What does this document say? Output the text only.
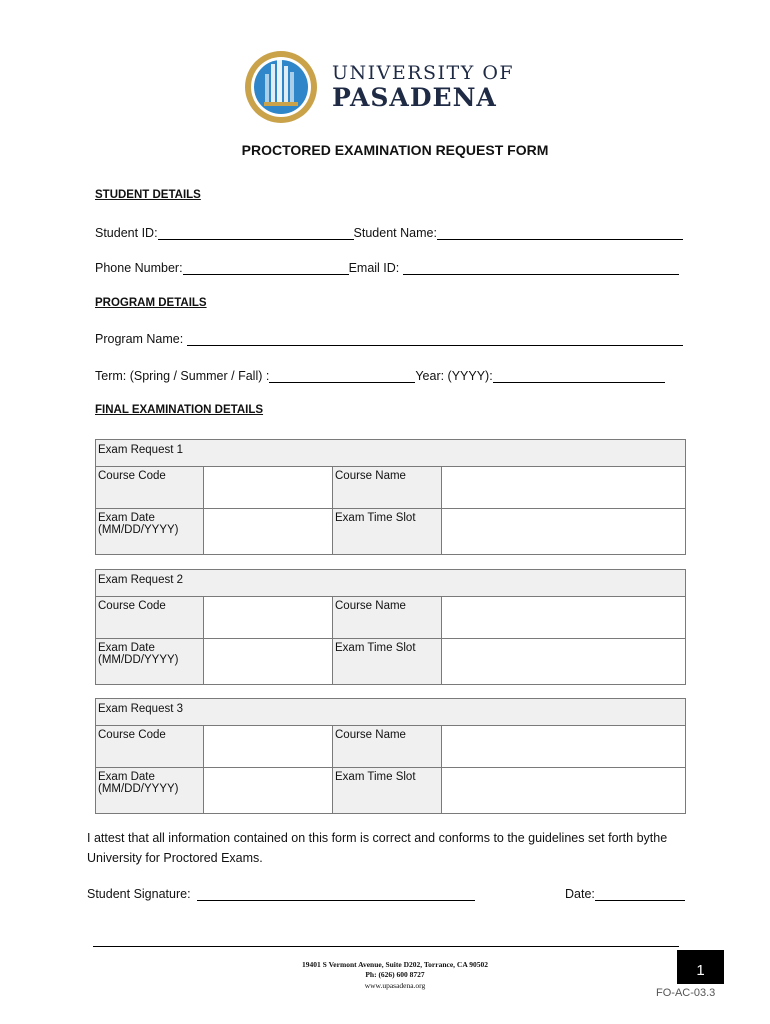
UNIVERSITY OF
PASADENA
PROCTORED EXAMINATION REQUEST FORM
STUDENT DETAILS
Student ID:	Student Name:
Phone Number:	Email ID:
PROGRAM DETAILS
Program Name:
Term: (Spring / Summer / Fall) :	Year: (YYYY):
FINAL EXAMINATION DETAILS
Exam Request 1			
Course Code		Course Name	
Exam Date (MM/DD/YYYY)		Exam Time Slot	
Exam Request 2			
Course Code		Course Name	
Exam Date (MM/DD/YYYY)		Exam Time Slot	
Exam Request 3			
Course Code		Course Name	
Exam Date (MM/DD/YYYY)		Exam Time Slot	
I attest that all information contained on this form is correct and conforms to the guidelines set forth bythe University for Proctored Exams.
Student Signature:	Date:
19401 S Vermont Avenue, Suite D202, Torrance, CA 90502
Ph: (626) 600 8727
www.upasadena.org
1
FO-AC-03.3
